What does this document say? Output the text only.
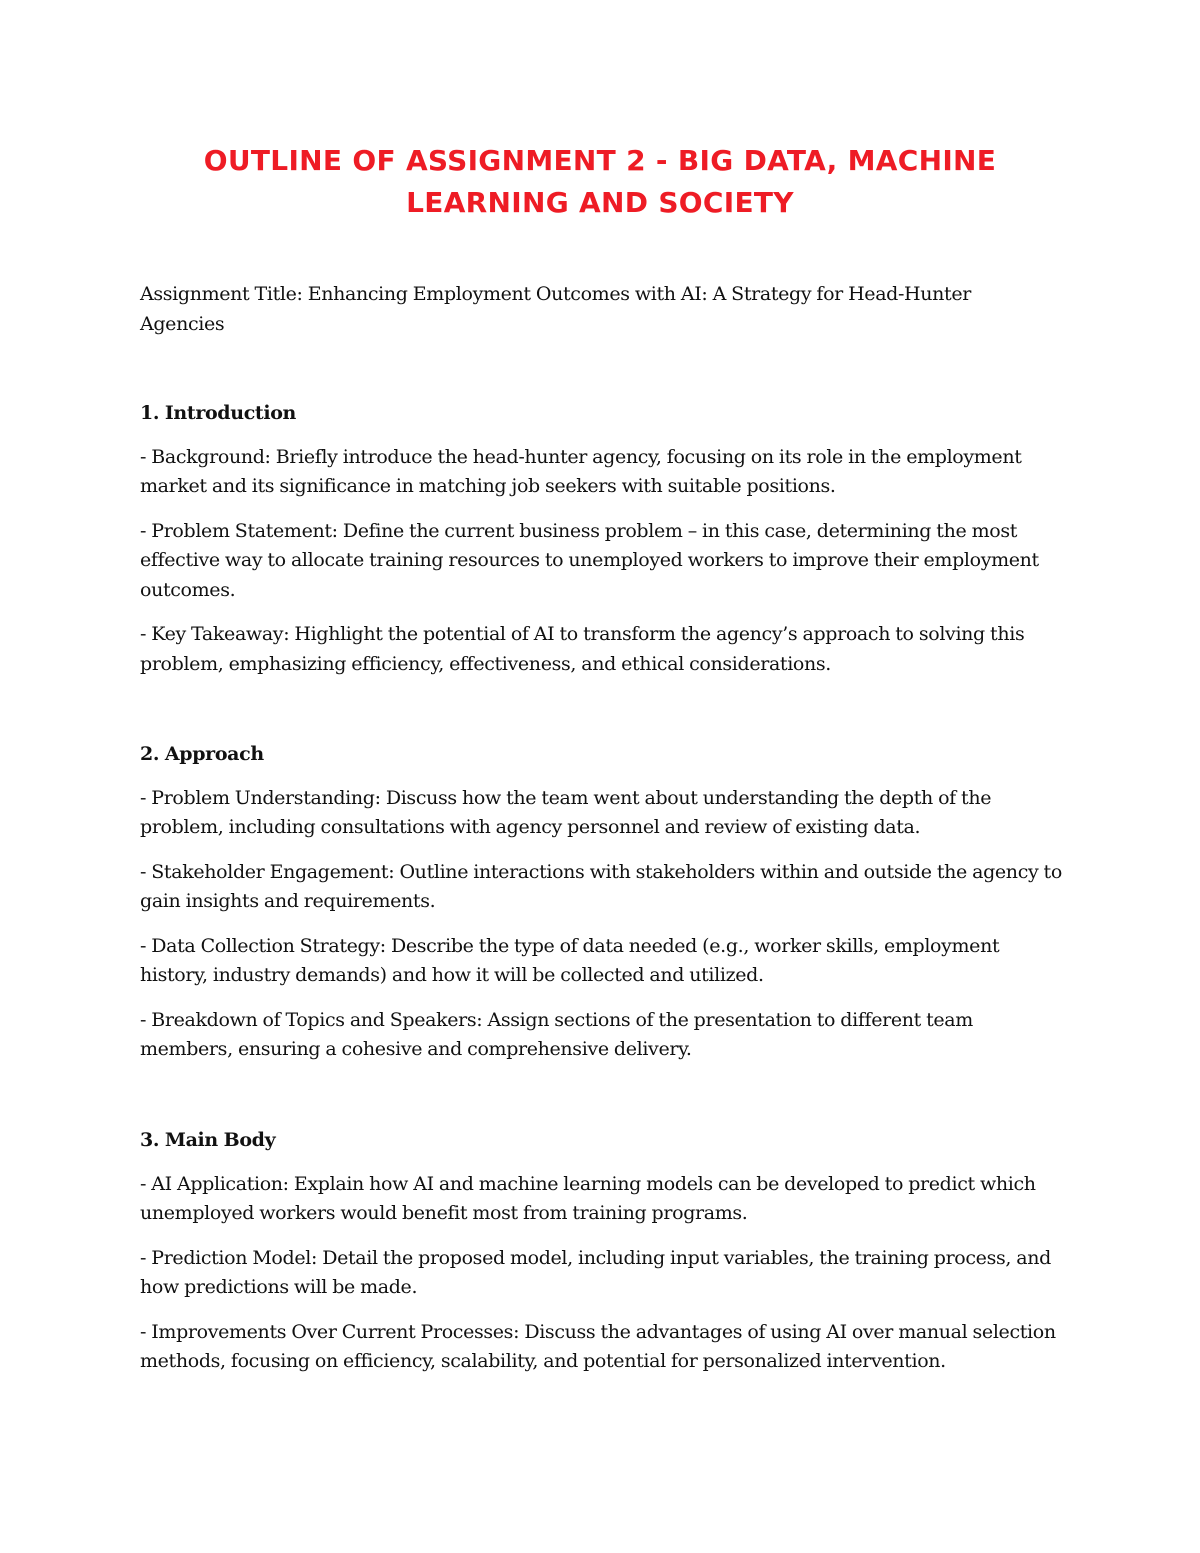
OUTLINE OF ASSIGNMENT 2 - BIG DATA, MACHINE
LEARNING AND SOCIETY

Assignment Title: Enhancing Employment Outcomes with AI: A Strategy for Head-Hunter Agencies

1. Introduction

- Background: Briefly introduce the head-hunter agency, focusing on its role in the employment market and its significance in matching job seekers with suitable positions.

- Problem Statement: Define the current business problem – in this case, determining the most effective way to allocate training resources to unemployed workers to improve their employment outcomes.

- Key Takeaway: Highlight the potential of AI to transform the agency’s approach to solving this problem, emphasizing efficiency, effectiveness, and ethical considerations.

2. Approach

- Problem Understanding: Discuss how the team went about understanding the depth of the problem, including consultations with agency personnel and review of existing data.

- Stakeholder Engagement: Outline interactions with stakeholders within and outside the agency to gain insights and requirements.

- Data Collection Strategy: Describe the type of data needed (e.g., worker skills, employment history, industry demands) and how it will be collected and utilized.

- Breakdown of Topics and Speakers: Assign sections of the presentation to different team members, ensuring a cohesive and comprehensive delivery.

3. Main Body

- AI Application: Explain how AI and machine learning models can be developed to predict which unemployed workers would benefit most from training programs.

- Prediction Model: Detail the proposed model, including input variables, the training process, and how predictions will be made.

- Improvements Over Current Processes: Discuss the advantages of using AI over manual selection methods, focusing on efficiency, scalability, and potential for personalized intervention.
